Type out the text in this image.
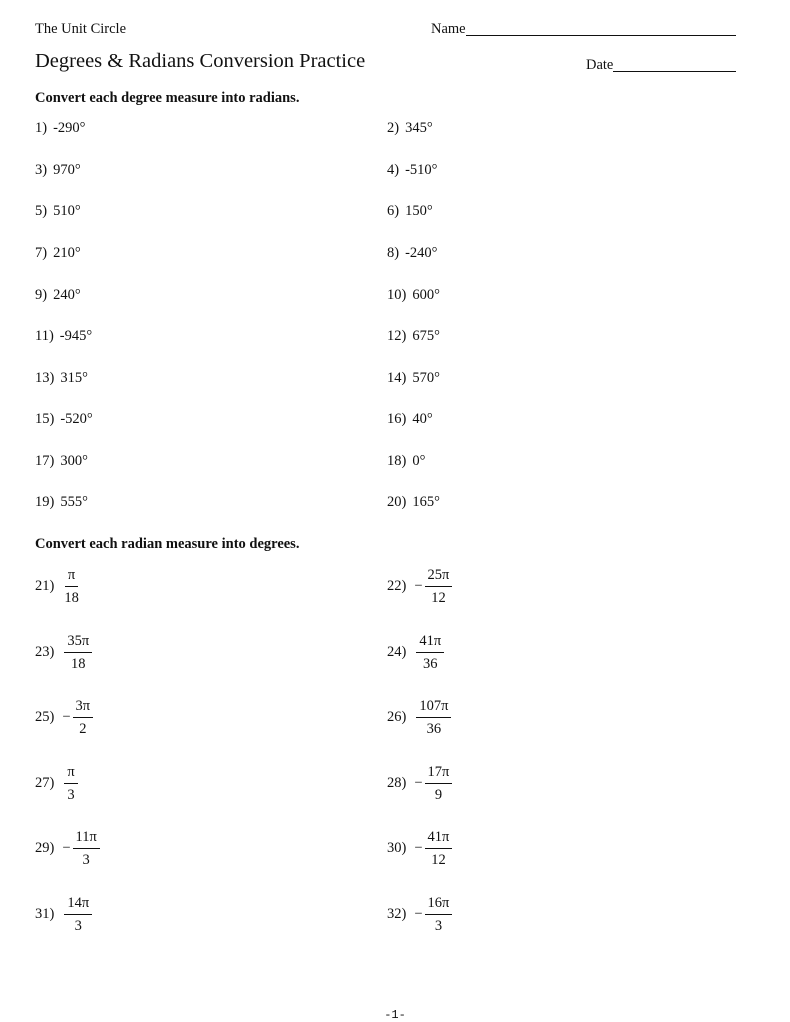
The Unit Circle
Degrees & Radians Conversion Practice
Name
Date
Convert each degree measure into radians.
1) -290°	2) 345°
3) 970°	4) -510°
5) 510°	6) 150°
7) 210°	8) -240°
9) 240°	10) 600°
11) -945°	12) 675°
13) 315°	14) 570°
15) -520°	16) 40°
17) 300°	18) 0°
19) 555°	20) 165°
Convert each radian measure into degrees.
$21) \frac{\pi}{18}$	$22) - \frac{25\pi}{12}$
$23) \frac{35\pi}{18}$	$24) \frac{41\pi}{36}$
$25) - \frac{3\pi}{2}$	$26) \frac{107\pi}{36}$
$27) \frac{\pi}{3}$	$28) - \frac{17\pi}{9}$
$29) - \frac{11\pi}{3}$	$30) - \frac{41\pi}{12}$
$31) \frac{14\pi}{3}$	$32) - \frac{16\pi}{3}$
-1-
